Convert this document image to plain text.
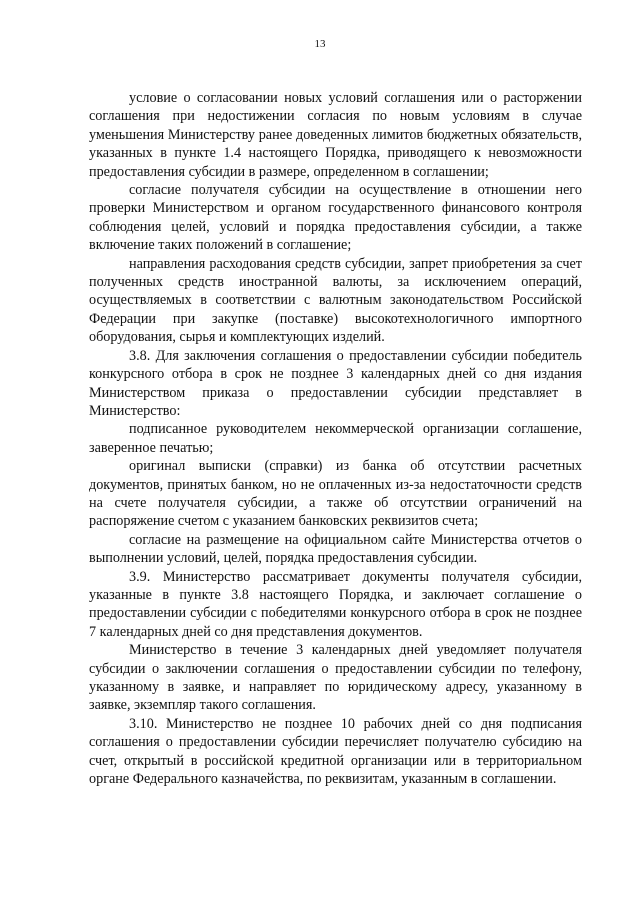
13

условие о согласовании новых условий соглашения или о расторжении соглашения при недостижении согласия по новым условиям в случае уменьшения Министерству ранее доведенных лимитов бюджетных обязательств, указанных в пункте 1.4 настоящего Порядка, приводящего к невозможности предоставления субсидии в размере, определенном в соглашении;

согласие получателя субсидии на осуществление в отношении него проверки Министерством и органом государственного финансового контроля соблюдения целей, условий и порядка предоставления субсидии, а также включение таких положений в соглашение;

направления расходования средств субсидии, запрет приобретения за счет полученных средств иностранной валюты, за исключением операций, осуществляемых в соответствии с валютным законодательством Российской Федерации при закупке (поставке) высокотехнологичного импортного оборудования, сырья и комплектующих изделий.

3.8. Для заключения соглашения о предоставлении субсидии победитель конкурсного отбора в срок не позднее 3 календарных дней со дня издания Министерством приказа о предоставлении субсидии представляет в Министерство:

подписанное руководителем некоммерческой организации соглашение, заверенное печатью;

оригинал выписки (справки) из банка об отсутствии расчетных документов, принятых банком, но не оплаченных из-за недостаточности средств на счете получателя субсидии, а также об отсутствии ограничений на распоряжение счетом с указанием банковских реквизитов счета;

согласие на размещение на официальном сайте Министерства отчетов о выполнении условий, целей, порядка предоставления субсидии.

3.9. Министерство рассматривает документы получателя субсидии, указанные в пункте 3.8 настоящего Порядка, и заключает соглашение о предоставлении субсидии с победителями конкурсного отбора в срок не позднее 7 календарных дней со дня представления документов.

Министерство в течение 3 календарных дней уведомляет получателя субсидии о заключении соглашения о предоставлении субсидии по телефону, указанному в заявке, и направляет по юридическому адресу, указанному в заявке, экземпляр такого соглашения.

3.10. Министерство не позднее 10 рабочих дней со дня подписания соглашения о предоставлении субсидии перечисляет получателю субсидию на счет, открытый в российской кредитной организации или в территориальном органе Федерального казначейства, по реквизитам, указанным в соглашении.
